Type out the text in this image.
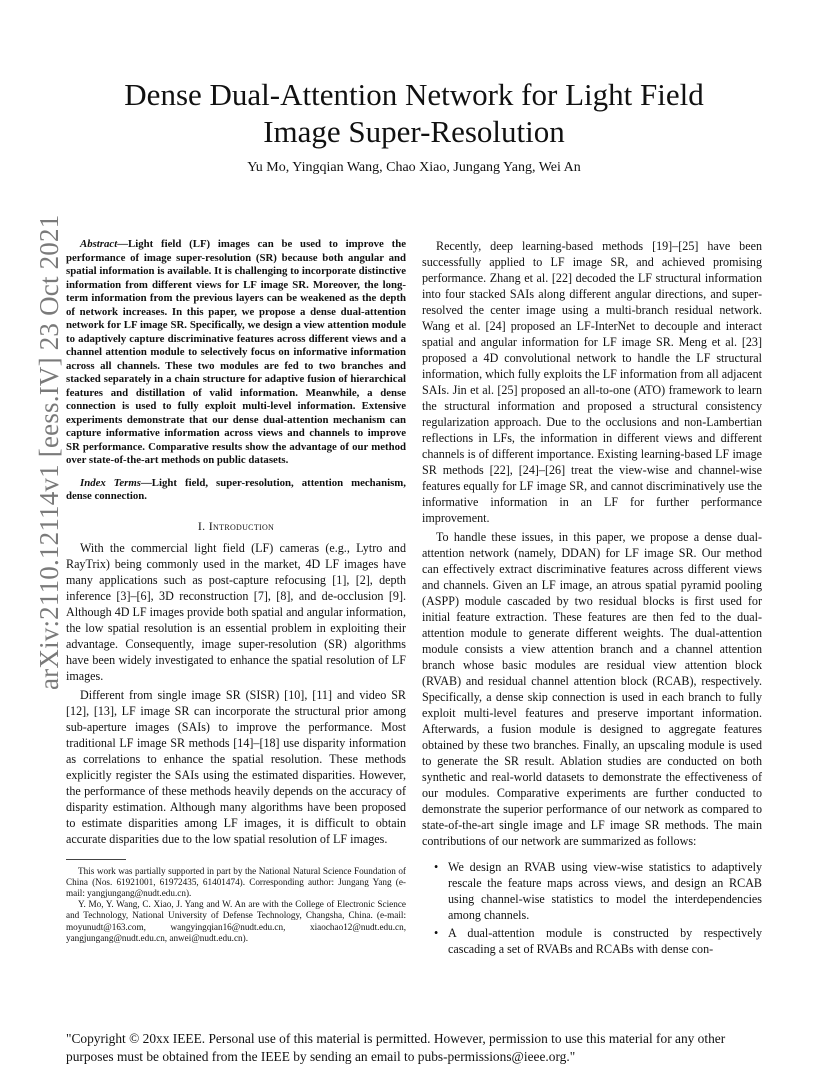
arXiv:2110.12114v1 [eess.IV] 23 Oct 2021
Dense Dual-Attention Network for Light Field
Image Super-Resolution
Yu Mo, Yingqian Wang, Chao Xiao, Jungang Yang, Wei An

Abstract—Light field (LF) images can be used to improve the performance of image super-resolution (SR) because both angular and spatial information is available. It is challenging to incorporate distinctive information from different views for LF image SR. Moreover, the long-term information from the previous layers can be weakened as the depth of network increases. In this paper, we propose a dense dual-attention network for LF image SR. Specifically, we design a view attention module to adaptively capture discriminative features across different views and a channel attention module to selectively focus on informative information across all channels. These two modules are fed to two branches and stacked separately in a chain structure for adaptive fusion of hierarchical features and distillation of valid information. Meanwhile, a dense connection is used to fully exploit multi-level information. Extensive experiments demonstrate that our dense dual-attention mechanism can capture informative information across views and channels to improve SR performance. Comparative results show the advantage of our method over state-of-the-art methods on public datasets.

Index Terms—Light field, super-resolution, attention mechanism, dense connection.

I. Introduction

With the commercial light field (LF) cameras (e.g., Lytro and RayTrix) being commonly used in the market, 4D LF images have many applications such as post-capture refocusing [1], [2], depth inference [3]–[6], 3D reconstruction [7], [8], and de-occlusion [9]. Although 4D LF images provide both spatial and angular information, the low spatial resolution is an essential problem in exploiting their advantage. Consequently, image super-resolution (SR) algorithms have been widely investigated to enhance the spatial resolution of LF images.

Different from single image SR (SISR) [10], [11] and video SR [12], [13], LF image SR can incorporate the structural prior among sub-aperture images (SAIs) to improve the performance. Most traditional LF image SR methods [14]–[18] use disparity information as correlations to enhance the spatial resolution. These methods explicitly register the SAIs using the estimated disparities. However, the performance of these methods heavily depends on the accuracy of disparity estimation. Although many algorithms have been proposed to estimate disparities among LF images, it is difficult to obtain accurate disparities due to the low spatial resolution of LF images.

This work was partially supported in part by the National Natural Science Foundation of China (Nos. 61921001, 61972435, 61401474). Corresponding author: Jungang Yang (e-mail: yangjungang@nudt.edu.cn).

Y. Mo, Y. Wang, C. Xiao, J. Yang and W. An are with the College of Electronic Science and Technology, National University of Defense Technology, Changsha, China. (e-mail: moyunudt@163.com, wangyingqian16@nudt.edu.cn, xiaochao12@nudt.edu.cn, yangjungang@nudt.edu.cn, anwei@nudt.edu.cn).

Recently, deep learning-based methods [19]–[25] have been successfully applied to LF image SR, and achieved promising performance. Zhang et al. [22] decoded the LF structural information into four stacked SAIs along different angular directions, and super-resolved the center image using a multi-branch residual network. Wang et al. [24] proposed an LF-InterNet to decouple and interact spatial and angular information for LF image SR. Meng et al. [23] proposed a 4D convolutional network to handle the LF structural information, which fully exploits the LF information from all adjacent SAIs. Jin et al. [25] proposed an all-to-one (ATO) framework to learn the structural information and proposed a structural consistency regularization approach. Due to the occlusions and non-Lambertian reflections in LFs, the information in different views and different channels is of different importance. Existing learning-based LF image SR methods [22], [24]–[26] treat the view-wise and channel-wise features equally for LF image SR, and cannot discriminatively use the informative information in an LF for further performance improvement.

To handle these issues, in this paper, we propose a dense dual-attention network (namely, DDAN) for LF image SR. Our method can effectively extract discriminative features across different views and channels. Given an LF image, an atrous spatial pyramid pooling (ASPP) module cascaded by two residual blocks is first used for initial feature extraction. These features are then fed to the dual-attention module to generate different weights. The dual-attention module consists a view attention branch and a channel attention branch whose basic modules are residual view attention block (RVAB) and residual channel attention block (RCAB), respectively. Specifically, a dense skip connection is used in each branch to fully exploit multi-level features and preserve important information. Afterwards, a fusion module is designed to aggregate features obtained by these two branches. Finally, an upscaling module is used to generate the SR result. Ablation studies are conducted on both synthetic and real-world datasets to demonstrate the effectiveness of our modules. Comparative experiments are further conducted to demonstrate the superior performance of our network as compared to state-of-the-art single image and LF image SR methods. The main contributions of our network are summarized as follows:

• We design an RVAB using view-wise statistics to adaptively rescale the feature maps across views, and design an RCAB using channel-wise statistics to model the interdependencies among channels.
• A dual-attention module is constructed by respectively cascading a set of RVABs and RCABs with dense con-
"Copyright © 20xx IEEE. Personal use of this material is permitted. However, permission to use this material for any other purposes must be obtained from the IEEE by sending an email to pubs-permissions@ieee.org."
